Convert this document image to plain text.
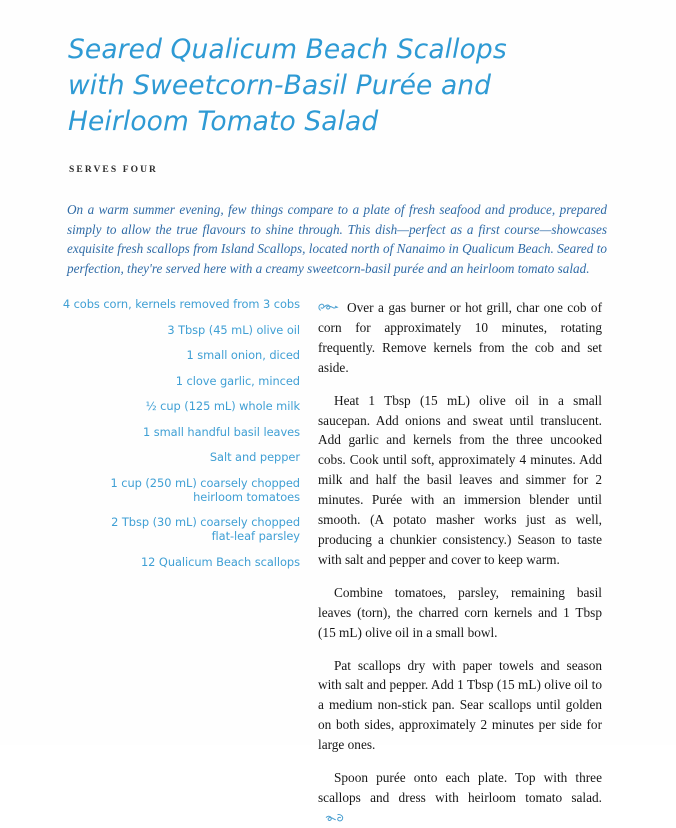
Seared Qualicum Beach Scallops
with Sweetcorn-Basil Purée and
Heirloom Tomato Salad
SERVES FOUR
On a warm summer evening, few things compare to a plate of fresh seafood and produce, prepared simply to allow the true flavours to shine through. This dish—perfect as a first course—showcases exquisite fresh scallops from Island Scallops, located north of Nanaimo in Qualicum Beach. Seared to perfection, they're served here with a creamy sweetcorn-basil purée and an heirloom tomato salad.
4 cobs corn, kernels removed from 3 cobs
3 Tbsp (45 mL) olive oil
1 small onion, diced
1 clove garlic, minced
½ cup (125 mL) whole milk
1 small handful basil leaves
Salt and pepper
1 cup (250 mL) coarsely chopped
heirloom tomatoes
2 Tbsp (30 mL) coarsely chopped
flat-leaf parsley
12 Qualicum Beach scallops

Over a gas burner or hot grill, char one cob of corn for approximately 10 minutes, rotating frequently. Remove kernels from the cob and set aside.

Heat 1 Tbsp (15 mL) olive oil in a small saucepan. Add onions and sweat until translucent. Add garlic and kernels from the three uncooked cobs. Cook until soft, approximately 4 minutes. Add milk and half the basil leaves and simmer for 2 minutes. Purée with an immersion blender until smooth. (A potato masher works just as well, producing a chunkier consistency.) Season to taste with salt and pepper and cover to keep warm.

Combine tomatoes, parsley, remaining basil leaves (torn), the charred corn kernels and 1 Tbsp (15 mL) olive oil in a small bowl.

Pat scallops dry with paper towels and season with salt and pepper. Add 1 Tbsp (15 mL) olive oil to a medium non-stick pan. Sear scallops until golden on both sides, approximately 2 minutes per side for large ones.

Spoon purée onto each plate. Top with three scallops and dress with heirloom tomato salad.
